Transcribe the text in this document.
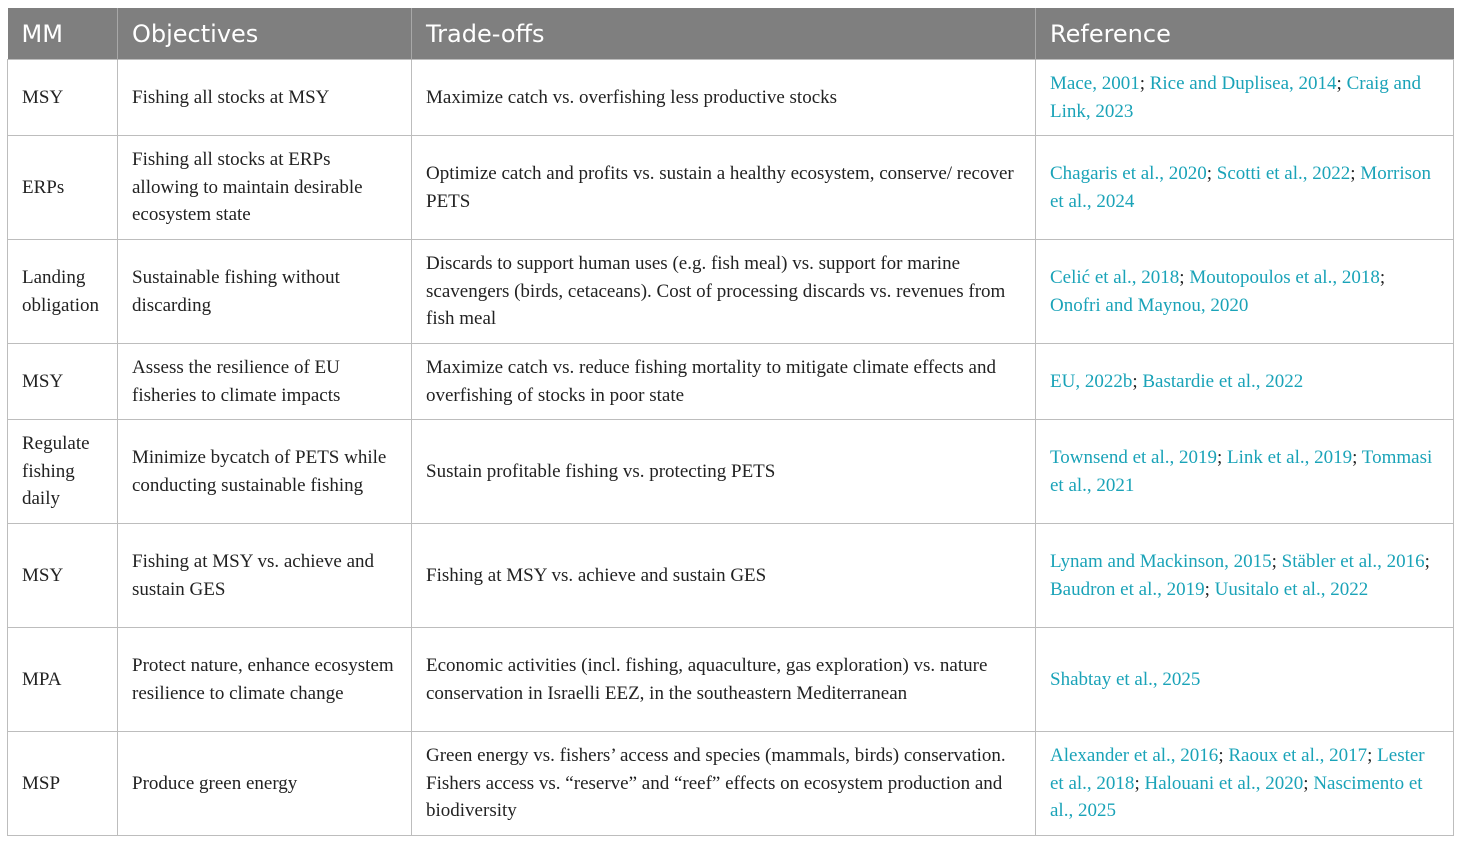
MM	Objectives	Trade-offs	Reference
MSY	Fishing all stocks at MSY	Maximize catch vs. overfishing less productive stocks	Mace, 2001; Rice and Duplisea, 2014; Craig and Link, 2023
ERPs	Fishing all stocks at ERPs allowing to maintain desirable ecosystem state	Optimize catch and profits vs. sustain a healthy ecosystem, conserve/ recover PETS	Chagaris et al., 2020; Scotti et al., 2022; Morrison et al., 2024
Landing obligation	Sustainable fishing without discarding	Discards to support human uses (e.g. fish meal) vs. support for marine scavengers (birds, cetaceans). Cost of processing discards vs. revenues from fish meal	Celić et al., 2018; Moutopoulos et al., 2018; Onofri and Maynou, 2020
MSY	Assess the resilience of EU fisheries to climate impacts	Maximize catch vs. reduce fishing mortality to mitigate climate effects and overfishing of stocks in poor state	EU, 2022b; Bastardie et al., 2022
Regulate fishing daily	Minimize bycatch of PETS while conducting sustainable fishing	Sustain profitable fishing vs. protecting PETS	Townsend et al., 2019; Link et al., 2019; Tommasi et al., 2021
MSY	Fishing at MSY vs. achieve and sustain GES	Fishing at MSY vs. achieve and sustain GES	Lynam and Mackinson, 2015; Stäbler et al., 2016; Baudron et al., 2019; Uusitalo et al., 2022
MPA	Protect nature, enhance ecosystem resilience to climate change	Economic activities (incl. fishing, aquaculture, gas exploration) vs. nature conservation in Israelli EEZ, in the southeastern Mediterranean	Shabtay et al., 2025
MSP	Produce green energy	Green energy vs. fishers’ access and species (mammals, birds) conservation. Fishers access vs. “reserve” and “reef” effects on ecosystem production and biodiversity	Alexander et al., 2016; Raoux et al., 2017; Lester et al., 2018; Halouani et al., 2020; Nascimento et al., 2025
